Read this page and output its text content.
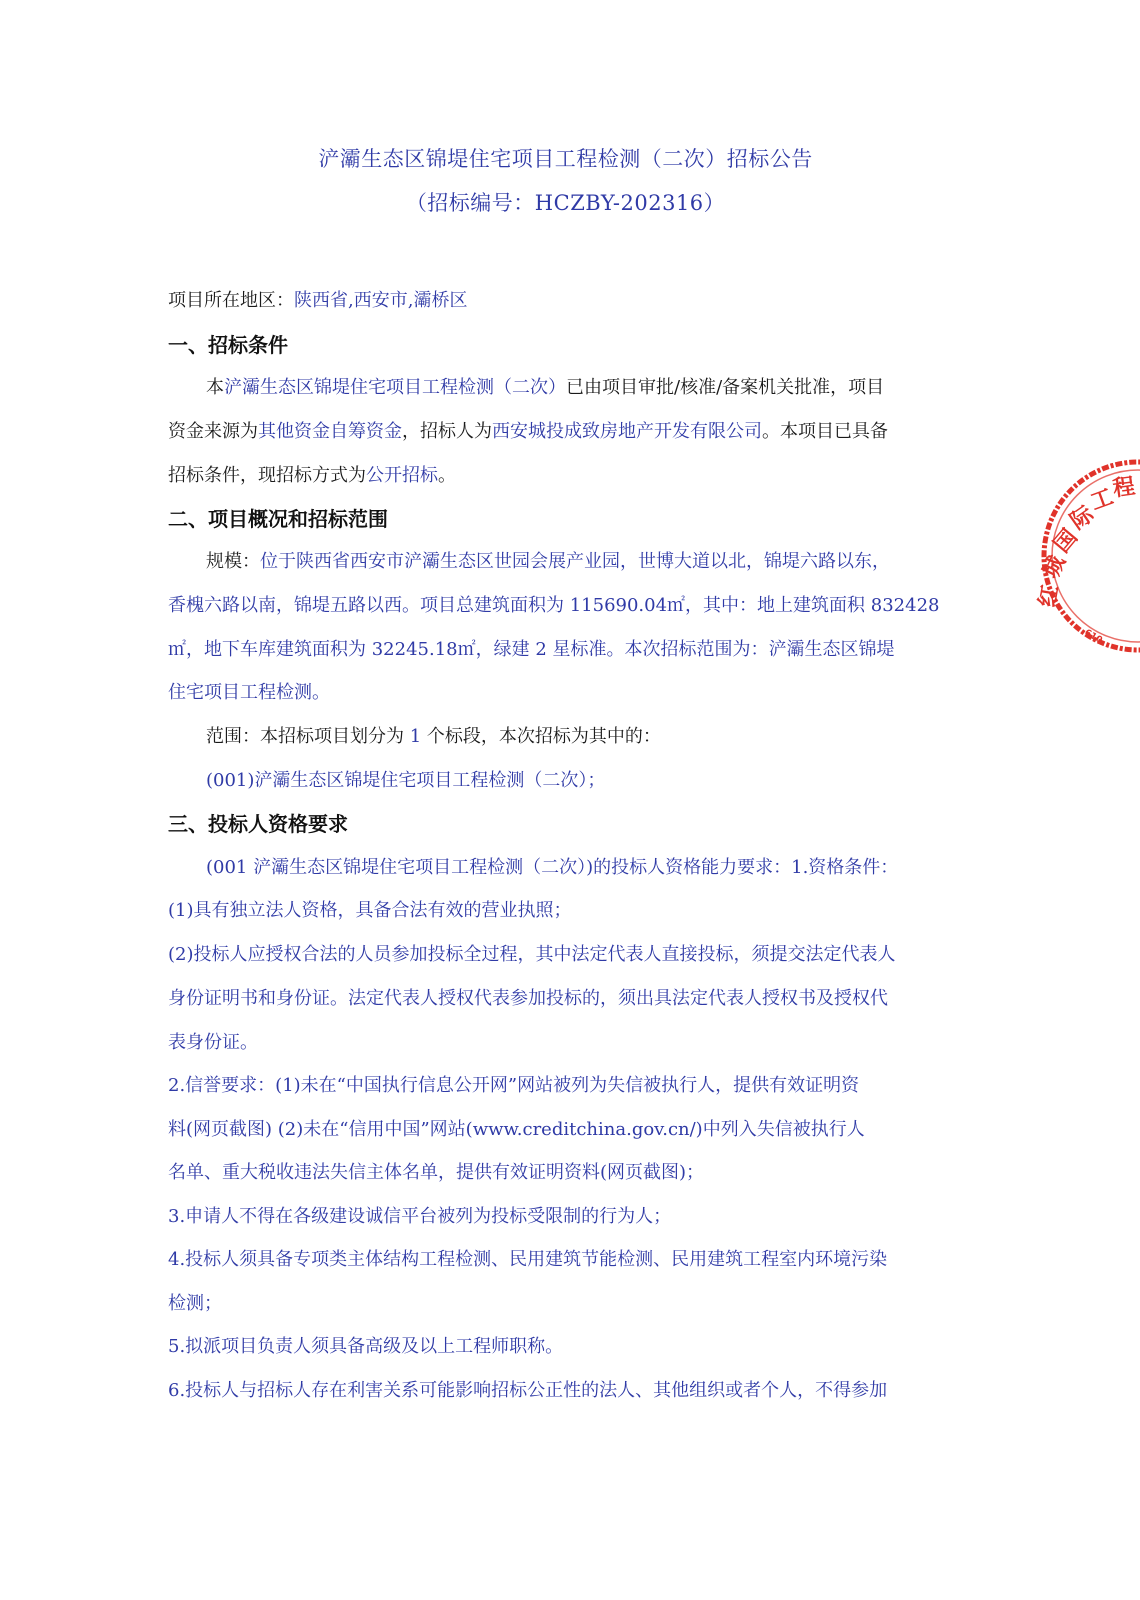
浐灞生态区锦堤住宅项目工程检测（二次）招标公告
（招标编号：HCZBY-202316）
项目所在地区：陕西省,西安市,灞桥区
一、招标条件
本浐灞生态区锦堤住宅项目工程检测（二次）已由项目审批/核准/备案机关批准，项目
资金来源为其他资金自筹资金，招标人为西安城投成致房地产开发有限公司。本项目已具备
招标条件，现招标方式为公开招标。
二、项目概况和招标范围
规模：位于陕西省西安市浐灞生态区世园会展产业园，世博大道以北，锦堤六路以东，
香槐六路以南，锦堤五路以西。项目总建筑面积为 115690.04㎡，其中：地上建筑面积 832428
㎡，地下车库建筑面积为 32245.18㎡，绿建 2 星标准。本次招标范围为：浐灞生态区锦堤
住宅项目工程检测。
范围：本招标项目划分为 1 个标段，本次招标为其中的：
(001)浐灞生态区锦堤住宅项目工程检测（二次）；
三、投标人资格要求
(001 浐灞生态区锦堤住宅项目工程检测（二次）)的投标人资格能力要求：1.资格条件：
(1)具有独立法人资格，具备合法有效的营业执照；
(2)投标人应授权合法的人员参加投标全过程，其中法定代表人直接投标，须提交法定代表人
身份证明书和身份证。法定代表人授权代表参加投标的，须出具法定代表人授权书及授权代
表身份证。
2.信誉要求：(1)未在“中国执行信息公开网”网站被列为失信被执行人，提供有效证明资
料(网页截图) (2)未在“信用中国”网站(www.creditchina.gov.cn/)中列入失信被执行人
名单、重大税收违法失信主体名单，提供有效证明资料(网页截图)；
3.申请人不得在各级建设诚信平台被列为投标受限制的行为人；
4.投标人须具备专项类主体结构工程检测、民用建筑节能检测、民用建筑工程室内环境污染
检测；
5.拟派项目负责人须具备高级及以上工程师职称。
6.投标人与招标人存在利害关系可能影响招标公正性的法人、其他组织或者个人，不得参加
红
城
国
际
工
程
610
